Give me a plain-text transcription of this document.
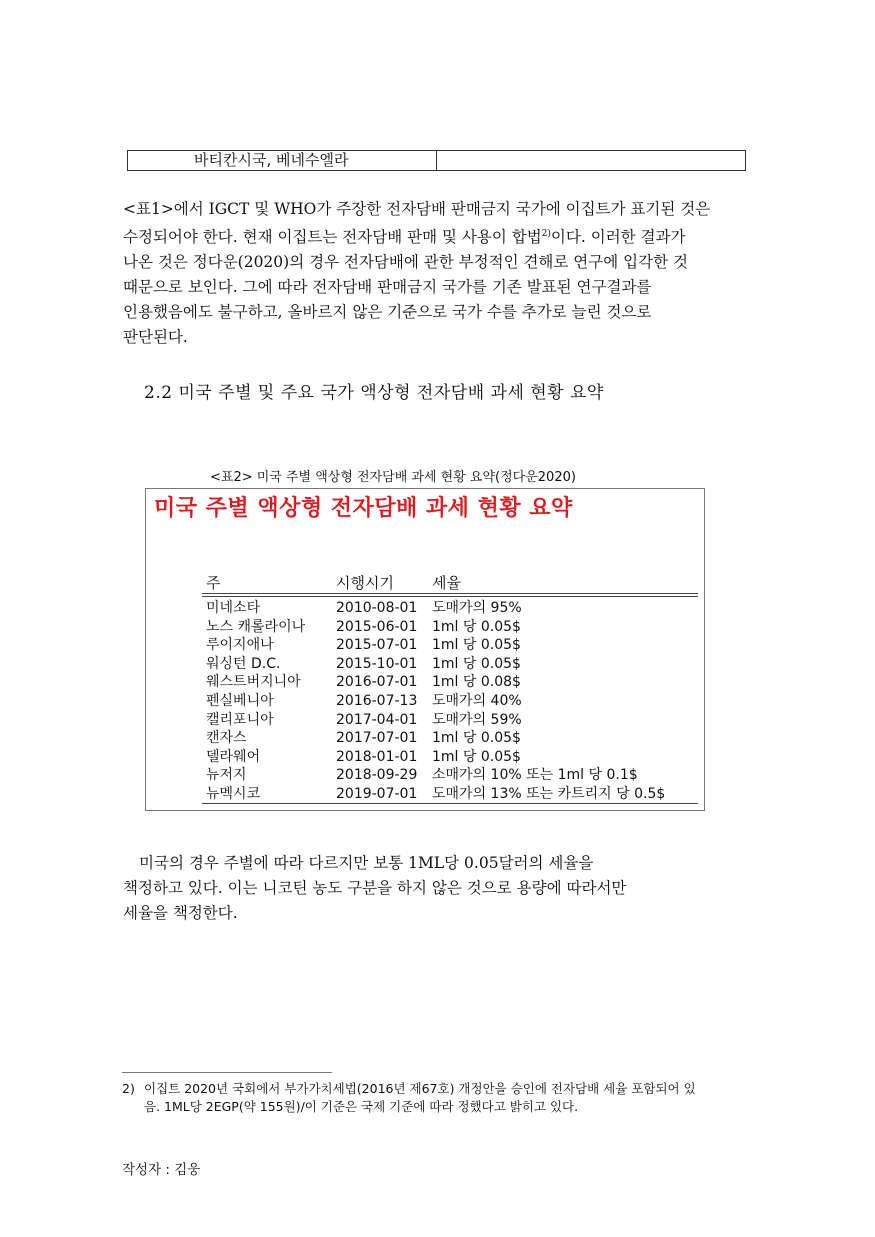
바티칸시국, 베네수엘라
<표1>에서 IGCT 및 WHO가 주장한 전자담배 판매금지 국가에 이집트가 표기된 것은
수정되어야 한다. 현재 이집트는 전자담배 판매 및 사용이 합법$^{2)}$이다. 이러한 결과가
나온 것은 정다운(2020)의 경우 전자담배에 관한 부정적인 견해로 연구에 입각한 것
때문으로 보인다. 그에 따라 전자담배 판매금지 국가를 기존 발표된 연구결과를
인용했음에도 불구하고, 올바르지 않은 기준으로 국가 수를 추가로 늘린 것으로
판단된다.
2.2 미국 주별 및 주요 국가 액상형 전자담배 과세 현황 요약
<표2> 미국 주별 액상형 전자담배 과세 현황 요약(정다운2020)
미국 주별 액상형 전자담배 과세 현황 요약
주	시행시기	세율
미네소타	2010-08-01 도매가의 95%
노스 캐롤라이나 2015-06-01 1ml 당 0.05$
루이지애나	2015-07-01 1ml 당 0.05$
워싱턴 D.C.	2015-10-01 1ml 당 0.05$
웨스트버지니아	2016-07-01 1ml 당 0.08$
펜실베니아	2016-07-13 도매가의 40%
캘리포니아	2017-04-01 도매가의 59%
캔자스	2017-07-01 1ml 당 0.05$
델라웨어	2018-01-01 1ml 당 0.05$
뉴저지	2018-09-29 소매가의 10% 또는 1ml 당 0.1$
뉴멕시코	2019-07-01 도매가의 13% 또는 카트리지 당 0.5$
미국의 경우 주별에 따라 다르지만 보통 1ML당 0.05달러의 세율을
책정하고 있다. 이는 니코틴 농도 구분을 하지 않은 것으로 용량에 따라서만
세율을 책정한다.
2) 이집트 2020년 국회에서 부가가치세법(2016년 제67호) 개정안을 승인에 전자담배 세율 포함되어 있
음. 1ML당 2EGP(약 155원)/이 기준은 국제 기준에 따라 정했다고 밝히고 있다.
작성자 : 김웅
